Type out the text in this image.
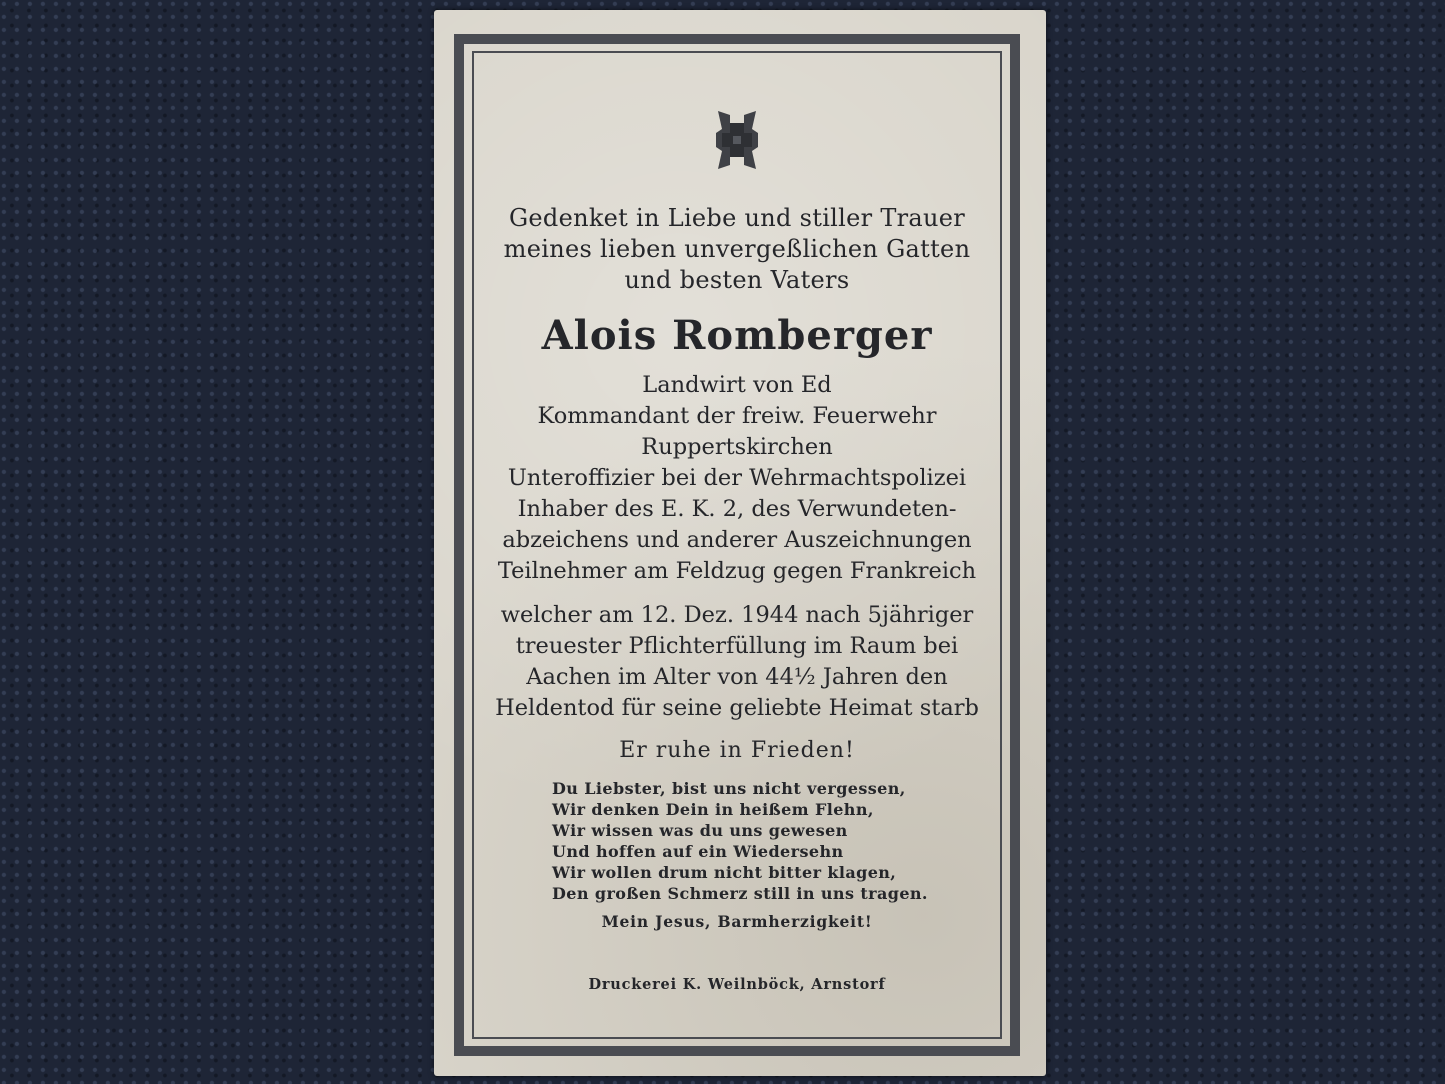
Gedenket in Liebe und stiller Trauer
meines lieben unvergeßlichen Gatten
und besten Vaters
Alois Romberger
Landwirt von Ed
Kommandant der freiw. Feuerwehr
Ruppertskirchen
Unteroffizier bei der Wehrmachtspolizei
Inhaber des E. K. 2, des Verwundeten-
abzeichens und anderer Auszeichnungen
Teilnehmer am Feldzug gegen Frankreich
welcher am 12. Dez. 1944 nach 5jähriger
treuester Pflichterfüllung im Raum bei
Aachen im Alter von 44½ Jahren den
Heldentod für seine geliebte Heimat starb
Er ruhe in Frieden!
Du Liebster, bist uns nicht vergessen,
Wir denken Dein in heißem Flehn,
Wir wissen was du uns gewesen
Und hoffen auf ein Wiedersehn
Wir wollen drum nicht bitter klagen,
Den großen Schmerz still in uns tragen.
Mein Jesus, Barmherzigkeit!
Druckerei K. Weilnböck, Arnstorf
